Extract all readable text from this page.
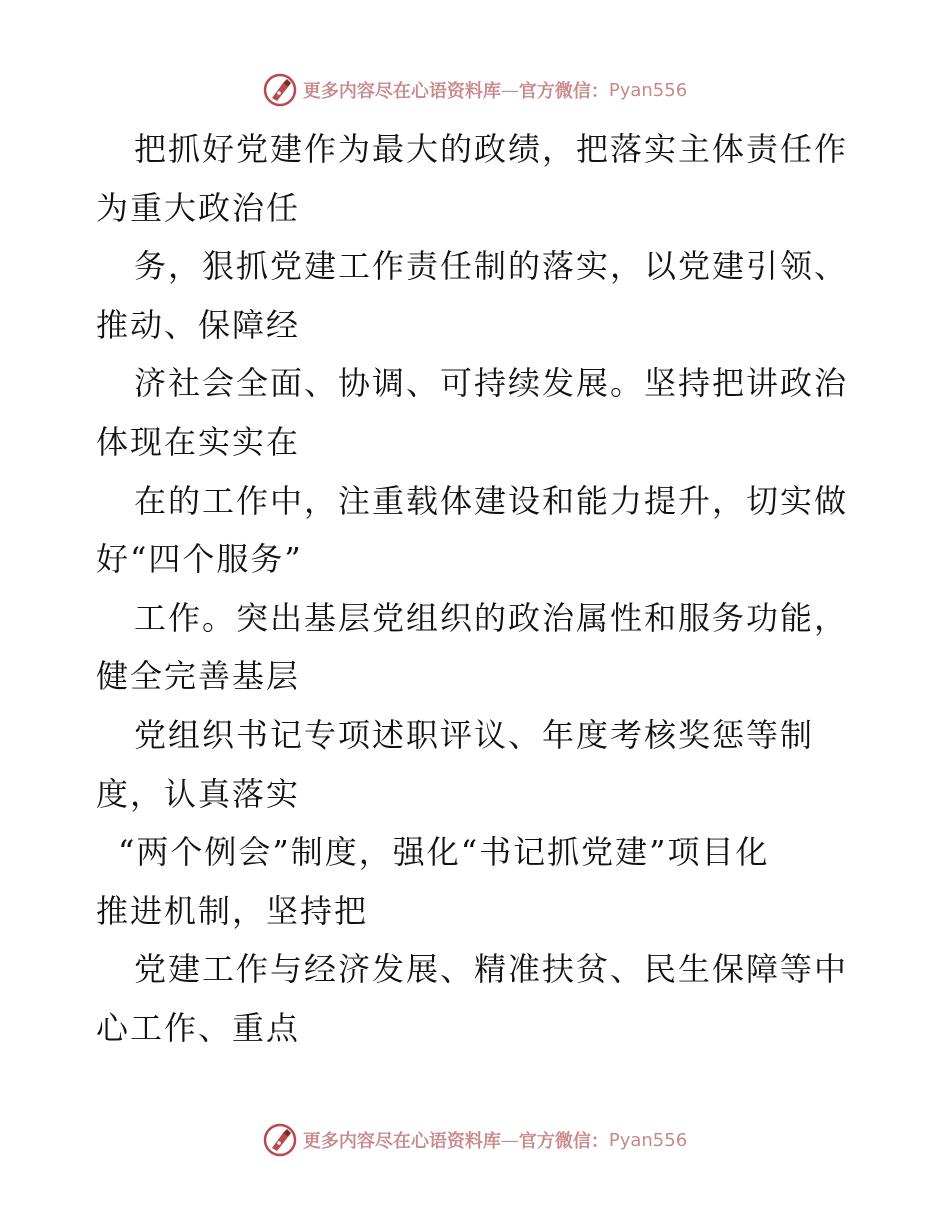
更多内容尽在心语资料库 — 官方微信： Pyan556
把抓好党建作为最大的政绩，把落实主体责任作
为重大政治任
务，狠抓党建工作责任制的落实，以党建引领、
推动、保障经
济社会全面、协调、可持续发展。坚持把讲政治
体现在实实在
在的工作中，注重载体建设和能力提升，切实做
好“四个服务”
工作。突出基层党组织的政治属性和服务功能，
健全完善基层
党组织书记专项述职评议、年度考核奖惩等制
度，认真落实
“两个例会”制度，强化“书记抓党建”项目化
推进机制，坚持把
党建工作与经济发展、精准扶贫、民生保障等中
心工作、重点
更多内容尽在心语资料库 — 官方微信： Pyan556
